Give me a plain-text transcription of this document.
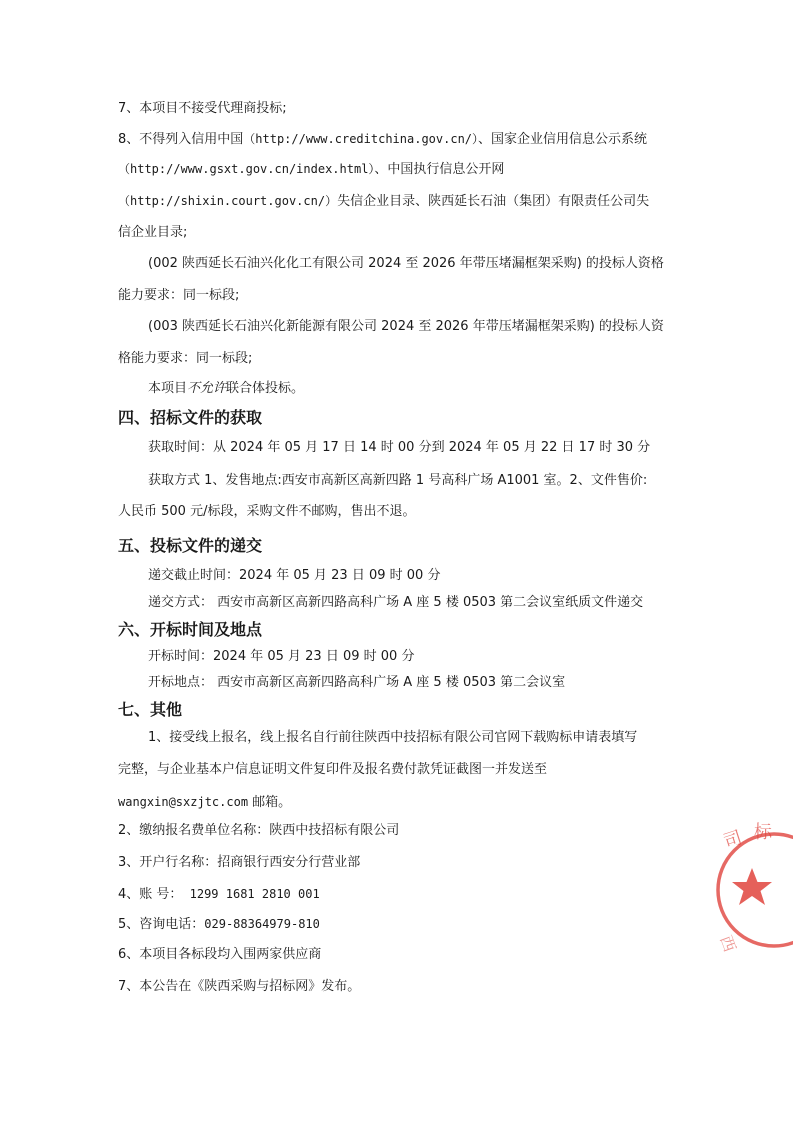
7、本项目不接受代理商投标;
8、不得列入信用中国（http://www.creditchina.gov.cn/）、国家企业信用信息公示系统
（http://www.gsxt.gov.cn/index.html）、中国执行信息公开网
（http://shixin.court.gov.cn/）失信企业目录、陕西延长石油（集团）有限责任公司失
信企业目录;
(002 陕西延长石油兴化化工有限公司 2024 至 2026 年带压堵漏框架采购) 的投标人资格
能力要求：同一标段;
(003 陕西延长石油兴化新能源有限公司 2024 至 2026 年带压堵漏框架采购) 的投标人资
格能力要求：同一标段;
本项目不允许联合体投标。
四、招标文件的获取
获取时间：从 2024 年 05 月 17 日 14 时 00 分到 2024 年 05 月 22 日 17 时 30 分
获取方式 1、发售地点:西安市高新区高新四路 1 号高科广场 A1001 室。2、文件售价:
人民币 500 元/标段，采购文件不邮购，售出不退。
五、投标文件的递交
递交截止时间：2024 年 05 月 23 日 09 时 00 分
递交方式： 西安市高新区高新四路高科广场 A 座 5 楼 0503 第二会议室纸质文件递交
六、开标时间及地点
开标时间：2024 年 05 月 23 日 09 时 00 分
开标地点： 西安市高新区高新四路高科广场 A 座 5 楼 0503 第二会议室
七、其他
1、接受线上报名，线上报名自行前往陕西中技招标有限公司官网下载购标申请表填写
完整，与企业基本户信息证明文件复印件及报名费付款凭证截图一并发送至
wangxin@sxzjtc.com 邮箱。
2、缴纳报名费单位名称：陕西中技招标有限公司
3、开户行名称：招商银行西安分行营业部
4、账 号： 1299 1681 2810 001
5、咨询电话：029-88364979-810
6、本项目各标段均入围两家供应商
7、本公告在《陕西采购与招标网》发布。
司 标
西
